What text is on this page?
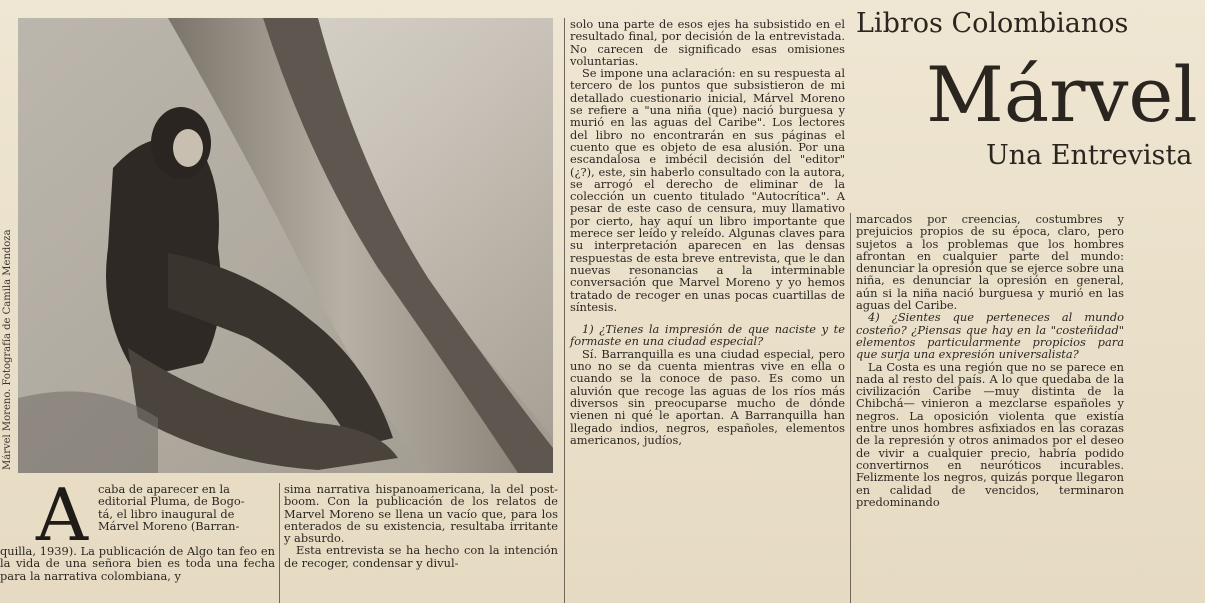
Márvel Moreno. Fotografía de Camila Mendoza
Libros Colombianos
Márvel
Una Entrevista
A caba de aparecer en la

editorial Pluma, de Bogo-

tá, el libro inaugural de

Márvel Moreno (Barran-

quilla, 1939). La publicación de Algo tan feo en la vida de una señora bien es toda una fecha para la narrativa colombiana, y

sima narrativa hispanoamericana, la del post-boom. Con la publicación de los relatos de Marvel Moreno se llena un vacío que, para los enterados de su existencia, resultaba irritante y absurdo.

Esta entrevista se ha hecho con la intención de recoger, condensar y divul-

solo una parte de esos ejes ha subsistido en el resultado final, por decisión de la entrevistada. No carecen de significado esas omisiones voluntarias.

Se impone una aclaración: en su respuesta al tercero de los puntos que subsistieron de mi detallado cuestionario inicial, Márvel Moreno se refiere a "una niña (que) nació burguesa y murió en las aguas del Caribe". Los lectores del libro no encontrarán en sus páginas el cuento que es objeto de esa alusión. Por una escandalosa e imbécil decisión del "editor" (¿?), este, sin haberlo consultado con la autora, se arrogó el derecho de eliminar de la colección un cuento titulado "Autocrítica". A pesar de este caso de censura, muy llamativo por cierto, hay aquí un libro importante que merece ser leído y releído. Algunas claves para su interpretación aparecen en las densas respuestas de esta breve entrevista, que le dan nuevas resonancias a la interminable conversación que Marvel Moreno y yo hemos tratado de recoger en unas pocas cuartillas de síntesis.

1) ¿Tienes la impresión de que naciste y te formaste en una ciudad especial?

Sí. Barranquilla es una ciudad especial, pero uno no se da cuenta mientras vive en ella o cuando se la conoce de paso. Es como un aluvión que recoge las aguas de los ríos más diversos sin preocuparse mucho de dónde vienen ni qué le aportan. A Barranquilla han llegado indios, negros, españoles, elementos americanos, judíos,

marcados por creencias, costumbres y prejuicios propios de su época, claro, pero sujetos a los problemas que los hombres afrontan en cualquier parte del mundo: denunciar la opresión que se ejerce sobre una niña, es denunciar la opresión en general, aún si la niña nació burguesa y murió en las aguas del Caribe.

4) ¿Sientes que perteneces al mundo costeño? ¿Piensas que hay en la "costeñidad" elementos particularmente propicios para que surja una expresión universalista?

La Costa es una región que no se parece en nada al resto del país. A lo que quedaba de la civilización Caribe —muy distinta de la Chibchá— vinieron a mezclarse españoles y negros. La oposición violenta que existía entre unos hombres asfixiados en las corazas de la represión y otros animados por el deseo de vivir a cualquier precio, habría podido convertirnos en neuróticos incurables. Felizmente los negros, quizás porque llegaron en calidad de vencidos, terminaron predominando
